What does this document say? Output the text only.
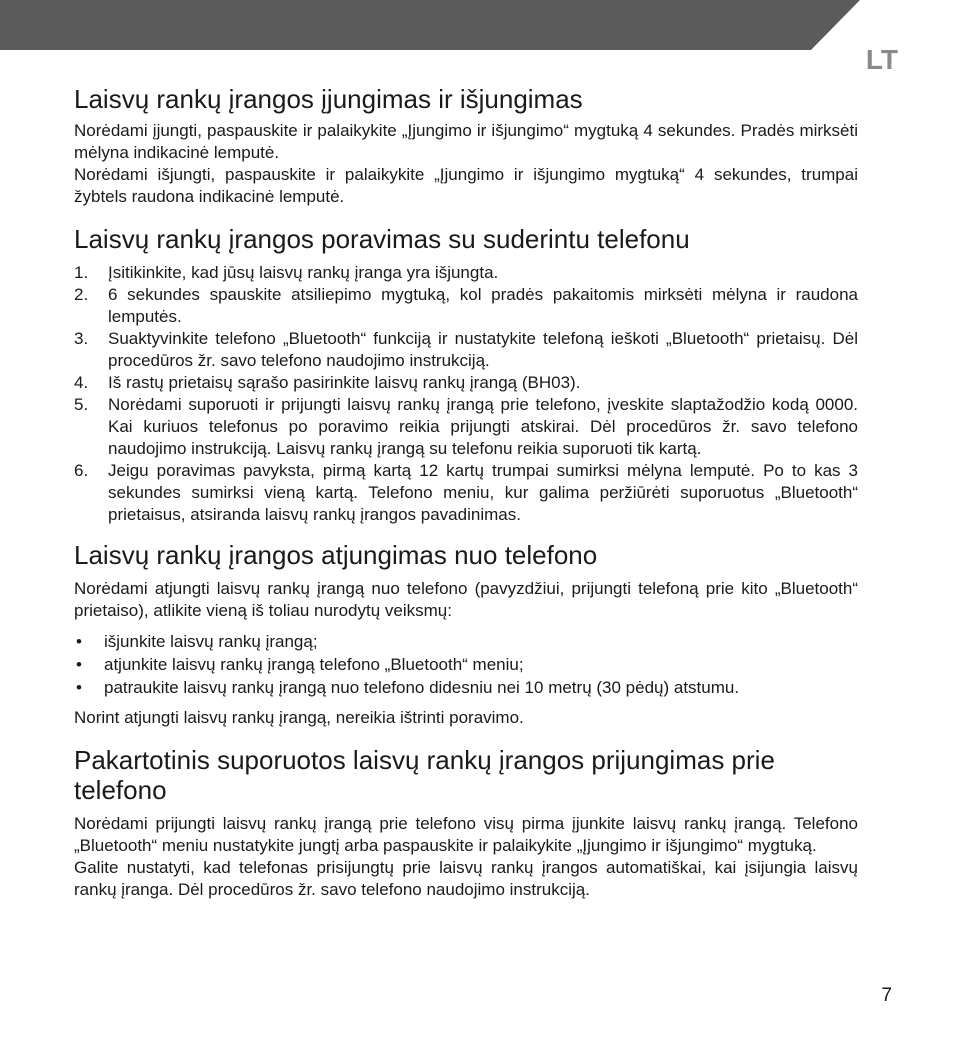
LT
Laisvų rankų įrangos įjungimas ir išjungimas

Norėdami įjungti, paspauskite ir palaikykite „Įjungimo ir išjungimo“ mygtuką 4 sekundes. Pradės mirksėti mėlyna indikacinė lemputė.

Norėdami išjungti, paspauskite ir palaikykite „Įjungimo ir išjungimo mygtuką“ 4 sekundes, trumpai žybtels raudona indikacinė lemputė.

Laisvų rankų įrangos poravimas su suderintu telefonu
1. Įsitikinkite, kad jūsų laisvų rankų įranga yra išjungta.
2. 6 sekundes spauskite atsiliepimo mygtuką, kol pradės pakaitomis mirksėti mėlyna ir raudona lemputės.
3. Suaktyvinkite telefono „Bluetooth“ funkciją ir nustatykite telefoną ieškoti „Bluetooth“ prietaisų. Dėl procedūros žr. savo telefono naudojimo instrukciją.
4. Iš rastų prietaisų sąrašo pasirinkite laisvų rankų įrangą (BH03).
5. Norėdami suporuoti ir prijungti laisvų rankų įrangą prie telefono, įveskite slaptažodžio kodą 0000. Kai kuriuos telefonus po poravimo reikia prijungti atskirai. Dėl procedūros žr. savo telefono naudojimo instrukciją. Laisvų rankų įrangą su telefonu reikia suporuoti tik kartą.
6. Jeigu poravimas pavyksta, pirmą kartą 12 kartų trumpai sumirksi mėlyna lemputė. Po to kas 3 sekundes sumirksi vieną kartą. Telefono meniu, kur galima peržiūrėti suporuotus „Bluetooth“ prietaisus, atsiranda laisvų rankų įrangos pavadinimas.
Laisvų rankų įrangos atjungimas nuo telefono

Norėdami atjungti laisvų rankų įrangą nuo telefono (pavyzdžiui, prijungti telefoną prie kito „Bluetooth“ prietaiso), atlikite vieną iš toliau nurodytų veiksmų:

• išjunkite laisvų rankų įrangą;
• atjunkite laisvų rankų įrangą telefono „Bluetooth“ meniu;
• patraukite laisvų rankų įrangą nuo telefono didesniu nei 10 metrų (30 pėdų) atstumu.

Norint atjungti laisvų rankų įrangą, nereikia ištrinti poravimo.

Pakartotinis suporuotos laisvų rankų įrangos prijungimas prie telefono

Norėdami prijungti laisvų rankų įrangą prie telefono visų pirma įjunkite laisvų rankų įrangą. Telefono „Bluetooth“ meniu nustatykite jungtį arba paspauskite ir palaikykite „Įjungimo ir išjungimo“ mygtuką.

Galite nustatyti, kad telefonas prisijungtų prie laisvų rankų įrangos automatiškai, kai įsijungia laisvų rankų įranga. Dėl procedūros žr. savo telefono naudojimo instrukciją.

7
